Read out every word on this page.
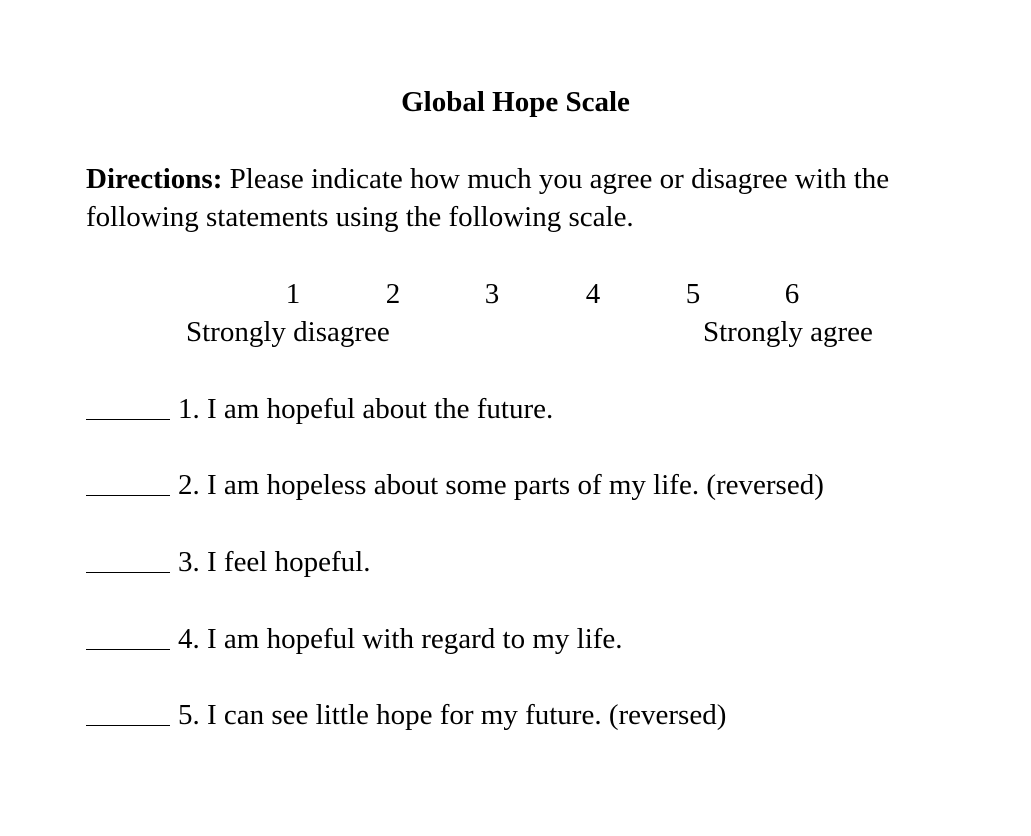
Global Hope Scale
Directions: Please indicate how much you agree or disagree with the following statements using the following scale.
1	2	3	4	5	6
Strongly disagree	Strongly agree
1. I am hopeful about the future.
2. I am hopeless about some parts of my life. (reversed)
3. I feel hopeful.
4. I am hopeful with regard to my life.
5. I can see little hope for my future. (reversed)
